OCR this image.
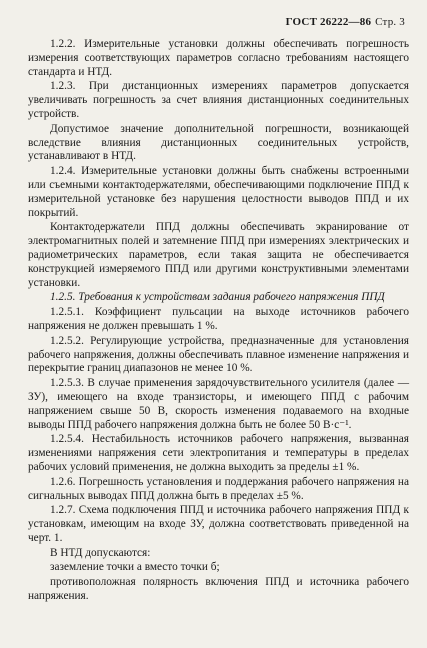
ГОСТ 26222—86 Стр. 3

1.2.2. Измерительные установки должны обеспечивать погрешность измерения соответствующих параметров согласно требованиям настоящего стандарта и НТД.

1.2.3. При дистанционных измерениях параметров допускается увеличивать погрешность за счет влияния дистанционных соединительных устройств.

Допустимое значение дополнительной погрешности, возникающей вследствие влияния дистанционных соединительных устройств, устанавливают в НТД.

1.2.4. Измерительные установки должны быть снабжены встроенными или съемными контактодержателями, обеспечивающими подключение ППД к измерительной установке без нарушения целостности выводов ППД и их покрытий.

Контактодержатели ППД должны обеспечивать экранирование от электромагнитных полей и затемнение ППД при измерениях электрических и радиометрических параметров, если такая защита не обеспечивается конструкцией измеряемого ППД или другими конструктивными элементами установки.

1.2.5. Требования к устройствам задания рабочего напряжения ППД

1.2.5.1. Коэффициент пульсации на выходе источников рабочего напряжения не должен превышать 1 %.

1.2.5.2. Регулирующие устройства, предназначенные для установления рабочего напряжения, должны обеспечивать плавное изменение напряжения и перекрытие границ диапазонов не менее 10 %.

1.2.5.3. В случае применения зарядочувствительного усилителя (далее — ЗУ), имеющего на входе транзисторы, и имеющего ППД с рабочим напряжением свыше 50 В, скорость изменения подаваемого на входные выводы ППД рабочего напряжения должна быть не более 50 В·с⁻¹.

1.2.5.4. Нестабильность источников рабочего напряжения, вызванная изменениями напряжения сети электропитания и температуры в пределах рабочих условий применения, не должна выходить за пределы ±1 %.

1.2.6. Погрешность установления и поддержания рабочего напряжения на сигнальных выводах ППД должна быть в пределах ±5 %.

1.2.7. Схема подключения ППД и источника рабочего напряжения ППД к установкам, имеющим на входе ЗУ, должна соответствовать приведенной на черт. 1.

В НТД допускаются:

заземление точки а вместо точки б;

противоположная полярность включения ППД и источника рабочего напряжения.
